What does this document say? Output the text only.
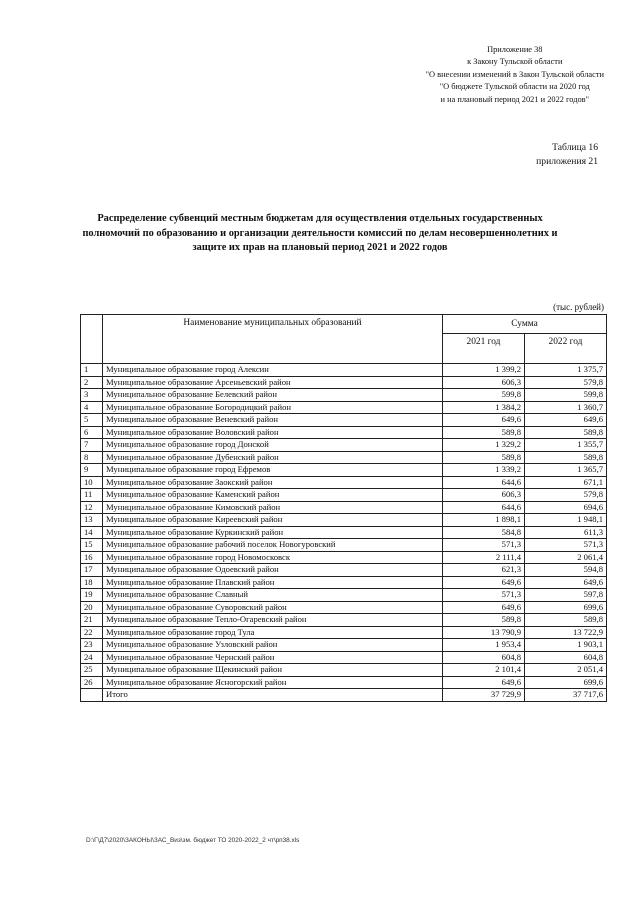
Приложение 38
к Закону Тульской области
"О внесении изменений в Закон Тульской области
"О бюджете Тульской области на 2020 год
и на плановый период 2021 и 2022 годов"
Таблица 16
приложения 21
Распределение субвенций местным бюджетам для осуществления отдельных государственных полномочий по образованию и организации деятельности комиссий по делам несовершеннолетних и защите их прав на плановый период 2021 и 2022 годов
(тыс. рублей)
	Наименование муниципальных образований	Сумма	
		2021 год	2022 год
1	Муниципальное образование город Алексин	1 399,2	1 375,7
2	Муниципальное образование Арсеньевский район	606,3	579,8
3	Муниципальное образование Белевский район	599,8	599,8
4	Муниципальное образование Богородицкий район	1 384,2	1 360,7
5	Муниципальное образование Веневский район	649,6	649,6
6	Муниципальное образование Воловский район	589,8	589,8
7	Муниципальное образование город Донской	1 329,2	1 355,7
8	Муниципальное образование Дубенский район	589,8	589,8
9	Муниципальное образование город Ефремов	1 339,2	1 365,7
10	Муниципальное образование Заокский район	644,6	671,1
11	Муниципальное образование Каменский район	606,3	579,8
12	Муниципальное образование Кимовский район	644,6	694,6
13	Муниципальное образование Киреевский район	1 898,1	1 948,1
14	Муниципальное образование Куркинский район	584,8	611,3
15	Муниципальное образование рабочий поселок Новогуровский	571,3	571,3
16	Муниципальное образование город Новомосковск	2 111,4	2 061,4
17	Муниципальное образование Одоевский район	621,3	594,8
18	Муниципальное образование Плавский район	649,6	649,6
19	Муниципальное образование Славный	571,3	597,8
20	Муниципальное образование Суворовский район	649,6	699,6
21	Муниципальное образование Тепло-Огаревский район	589,8	589,8
22	Муниципальное образование город Тула	13 790,9	13 722,9
23	Муниципальное образование Узловский район	1 953,4	1 903,1
24	Муниципальное образование Чернский район	604,8	604,8
25	Муниципальное образование Щекинский район	2 101,4	2 051,4
26	Муниципальное образование Ясногорский район	649,6	699,6
	Итого	37 729,9	37 717,6
D:\Г\Д7\2020\ЗАКОНЫ\ЗАС_Виз\зм. бюджет ТО 2020-2022_2 чт\рп38.xls
